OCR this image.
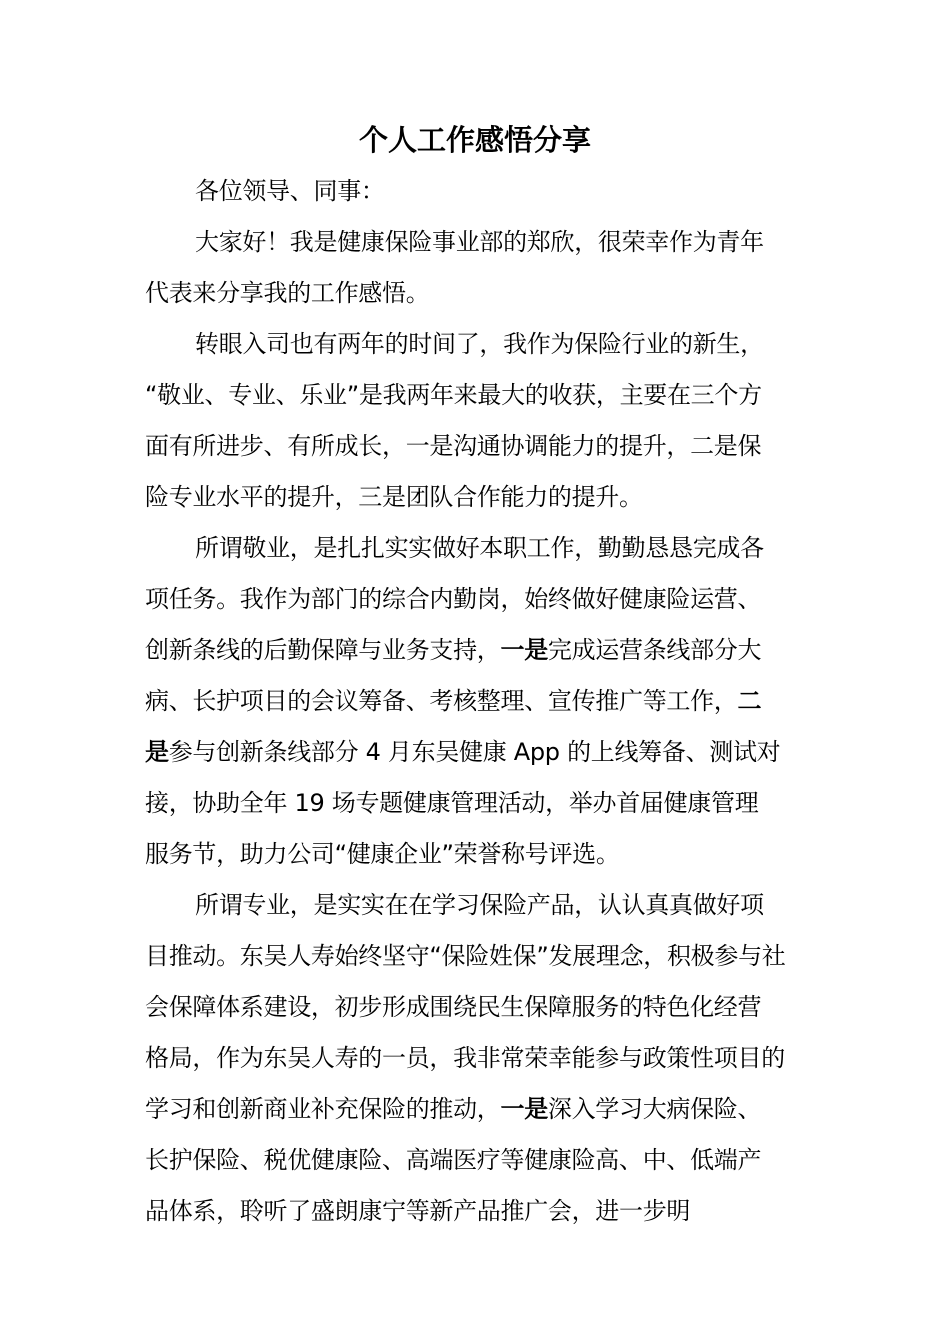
个人工作感悟分享
各位领导、同事：
大家好！我是健康保险事业部的郑欣，很荣幸作为青年
代表来分享我的工作感悟。
转眼入司也有两年的时间了，我作为保险行业的新生，
“敬业、专业、乐业”是我两年来最大的收获，主要在三个方
面有所进步、有所成长，一是沟通协调能力的提升，二是保
险专业水平的提升，三是团队合作能力的提升。
所谓敬业，是扎扎实实做好本职工作，勤勤恳恳完成各
项任务。我作为部门的综合内勤岗，始终做好健康险运营、
创新条线的后勤保障与业务支持，一是完成运营条线部分大
病、长护项目的会议筹备、考核整理、宣传推广等工作，二
是参与创新条线部分 4 月东吴健康 App 的上线筹备、测试对
接，协助全年 19 场专题健康管理活动，举办首届健康管理
服务节，助力公司“健康企业”荣誉称号评选。
所谓专业，是实实在在学习保险产品，认认真真做好项
目推动。东吴人寿始终坚守“保险姓保”发展理念，积极参与社
会保障体系建设，初步形成围绕民生保障服务的特色化经营
格局，作为东吴人寿的一员，我非常荣幸能参与政策性项目的
学习和创新商业补充保险的推动，一是深入学习大病保险、
长护保险、税优健康险、高端医疗等健康险高、中、低端产
品体系，聆听了盛朗康宁等新产品推广会，进一步明
